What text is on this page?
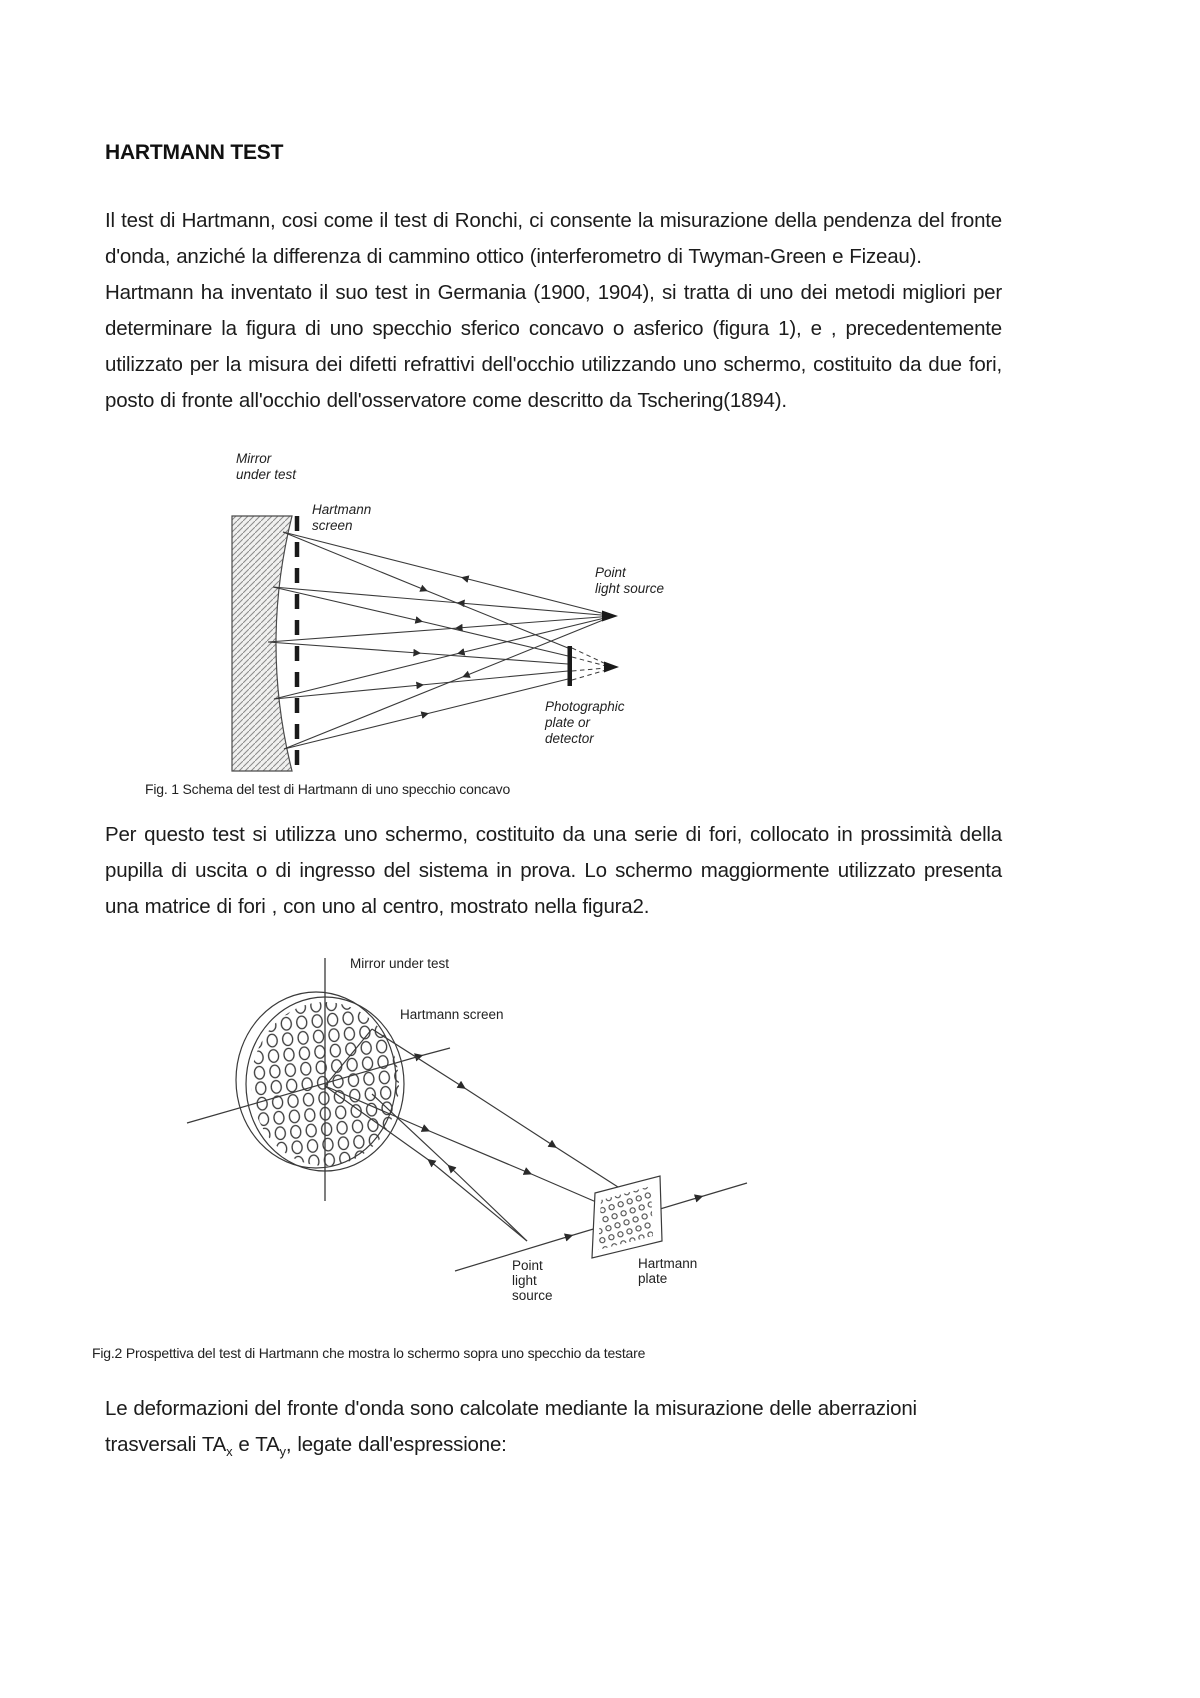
HARTMANN TEST

Il test di Hartmann, cosi come il test di Ronchi, ci consente la misurazione della pendenza del fronte d'onda, anziché la differenza di cammino ottico (interferometro di Twyman-Green e Fizeau).

Hartmann ha inventato il suo test in Germania (1900, 1904), si tratta di uno dei metodi migliori per determinare la figura di uno specchio sferico concavo o asferico (figura 1), e , precedentemente utilizzato per la misura dei difetti refrattivi dell'occhio utilizzando uno schermo, costituito da due fori, posto di fronte all'occhio dell'osservatore come descritto da Tschering(1894).

Mirror
under test
Hartmann
screen
Point
light source
Photographic
plate or
detector
Fig. 1 Schema del test di Hartmann di uno specchio concavo

Per questo test si utilizza uno schermo, costituito da una serie di fori, collocato in prossimità della pupilla di uscita o di ingresso del sistema in prova. Lo schermo maggiormente utilizzato presenta una matrice di fori , con uno al centro, mostrato nella figura2.

Mirror under test
Hartmann screen
Point
light
source
Hartmann
plate
Fig.2 Prospettiva del test di Hartmann che mostra lo schermo sopra uno specchio da testare

Le deformazioni del fronte d'onda sono calcolate mediante la misurazione delle aberrazioni
trasversali $TA_x$ e $TA_y$, legate dall'espressione:
